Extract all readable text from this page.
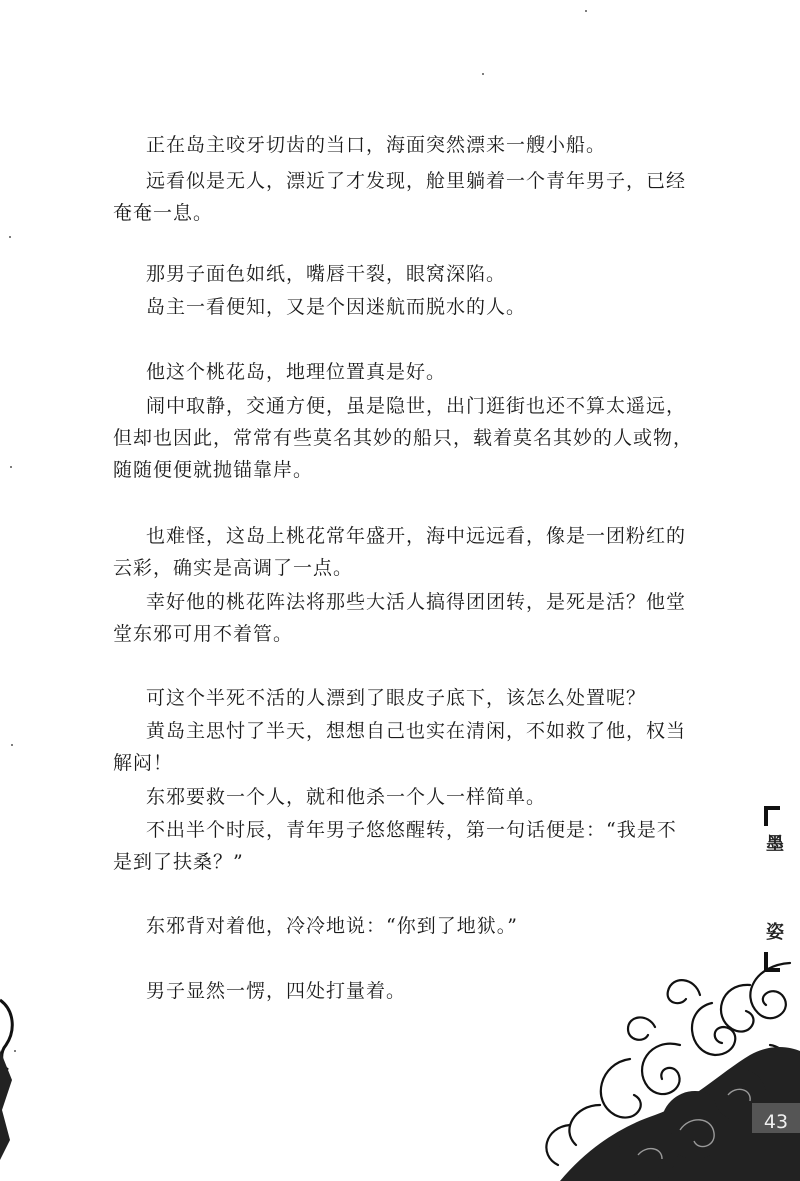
正在岛主咬牙切齿的当口，海面突然漂来一艘小船。

远看似是无人，漂近了才发现，舱里躺着一个青年男子，已经奄奄一息。

那男子面色如纸，嘴唇干裂，眼窝深陷。

岛主一看便知，又是个因迷航而脱水的人。

他这个桃花岛，地理位置真是好。

闹中取静，交通方便，虽是隐世，出门逛街也还不算太遥远，但却也因此，常常有些莫名其妙的船只，载着莫名其妙的人或物，随随便便就抛锚靠岸。

也难怪，这岛上桃花常年盛开，海中远远看，像是一团粉红的云彩，确实是高调了一点。

幸好他的桃花阵法将那些大活人搞得团团转，是死是活？他堂堂东邪可用不着管。

可这个半死不活的人漂到了眼皮子底下，该怎么处置呢？

黄岛主思忖了半天，想想自己也实在清闲，不如救了他，权当解闷！

东邪要救一个人，就和他杀一个人一样简单。

不出半个时辰，青年男子悠悠醒转，第一句话便是：“我是不是到了扶桑？”

东邪背对着他，冷冷地说：“你到了地狱。”

男子显然一愣，四处打量着。

墨
姿
43
